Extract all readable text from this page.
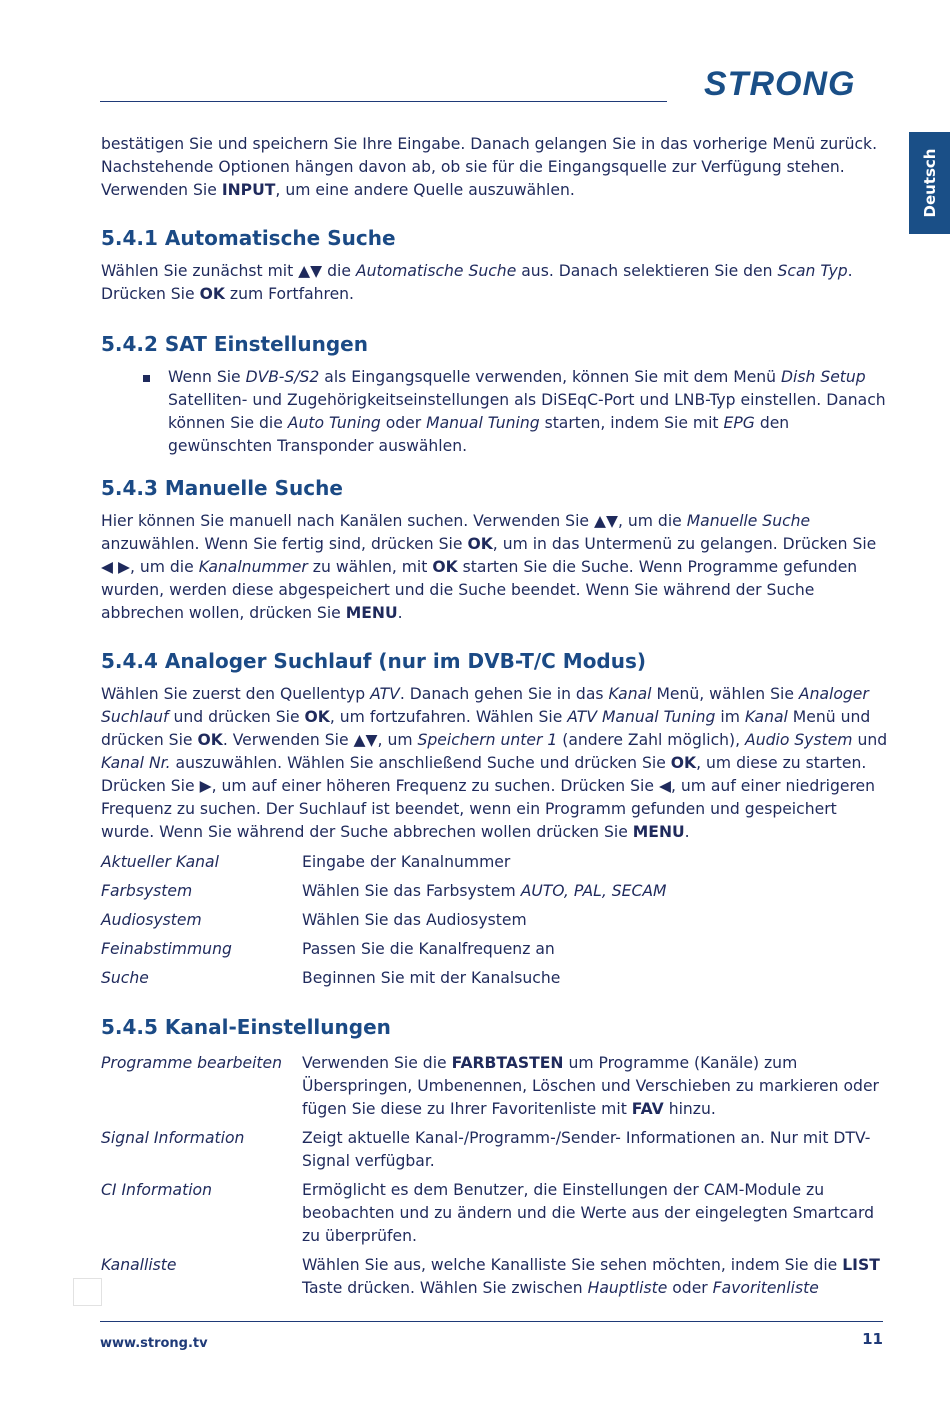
STRONG
Deutsch

bestätigen Sie und speichern Sie Ihre Eingabe. Danach gelangen Sie in das vorherige Menü zurück. Nachstehende Optionen hängen davon ab, ob sie für die Eingangsquelle zur Verfügung stehen. Verwenden Sie INPUT, um eine andere Quelle auszuwählen.

5.4.1 Automatische Suche

Wählen Sie zunächst mit ▲▼ die Automatische Suche aus. Danach selektieren Sie den Scan Typ. Drücken Sie OK zum Fortfahren.

5.4.2 SAT Einstellungen
Wenn Sie DVB-S/S2 als Eingangsquelle verwenden, können Sie mit dem Menü Dish Setup Satelliten- und Zugehörigkeitseinstellungen als DiSEqC-Port und LNB-Typ einstellen. Danach können Sie die Auto Tuning oder Manual Tuning starten, indem Sie mit EPG den gewünschten Transponder auswählen.
5.4.3 Manuelle Suche

Hier können Sie manuell nach Kanälen suchen. Verwenden Sie ▲▼, um die Manuelle Suche anzuwählen. Wenn Sie fertig sind, drücken Sie OK, um in das Untermenü zu gelangen. Drücken Sie ◀ ▶, um die Kanalnummer zu wählen, mit OK starten Sie die Suche. Wenn Programme gefunden wurden, werden diese abgespeichert und die Suche beendet. Wenn Sie während der Suche abbrechen wollen, drücken Sie MENU.

5.4.4 Analoger Suchlauf (nur im DVB-T/C Modus)

Wählen Sie zuerst den Quellentyp ATV. Danach gehen Sie in das Kanal Menü, wählen Sie Analoger Suchlauf und drücken Sie OK, um fortzufahren. Wählen Sie ATV Manual Tuning im Kanal Menü und drücken Sie OK. Verwenden Sie ▲▼, um Speichern unter 1 (andere Zahl möglich), Audio System und Kanal Nr. auszuwählen. Wählen Sie anschließend Suche und drücken Sie OK, um diese zu starten. Drücken Sie ▶, um auf einer höheren Frequenz zu suchen. Drücken Sie ◀, um auf einer niedrigeren Frequenz zu suchen. Der Suchlauf ist beendet, wenn ein Programm gefunden und gespeichert wurde. Wenn Sie während der Suche abbrechen wollen drücken Sie MENU.

Aktueller Kanal	Eingabe der Kanalnummer
Farbsystem	Wählen Sie das Farbsystem AUTO, PAL, SECAM
Audiosystem	Wählen Sie das Audiosystem
Feinabstimmung	Passen Sie die Kanalfrequenz an
Suche	Beginnen Sie mit der Kanalsuche
5.4.5 Kanal-Einstellungen
Programme bearbeiten	Verwenden Sie die FARBTASTEN um Programme (Kanäle) zum Überspringen, Umbenennen, Löschen und Verschieben zu markieren oder fügen Sie diese zu Ihrer Favoritenliste mit FAV hinzu.
Signal Information	Zeigt aktuelle Kanal-/Programm-/Sender- Informationen an. Nur mit DTV-Signal verfügbar.
CI Information	Ermöglicht es dem Benutzer, die Einstellungen der CAM-Module zu beobachten und zu ändern und die Werte aus der eingelegten Smartcard zu überprüfen.
Kanalliste	Wählen Sie aus, welche Kanalliste Sie sehen möchten, indem Sie die LIST Taste drücken. Wählen Sie zwischen Hauptliste oder Favoritenliste
www.strong.tv	11
